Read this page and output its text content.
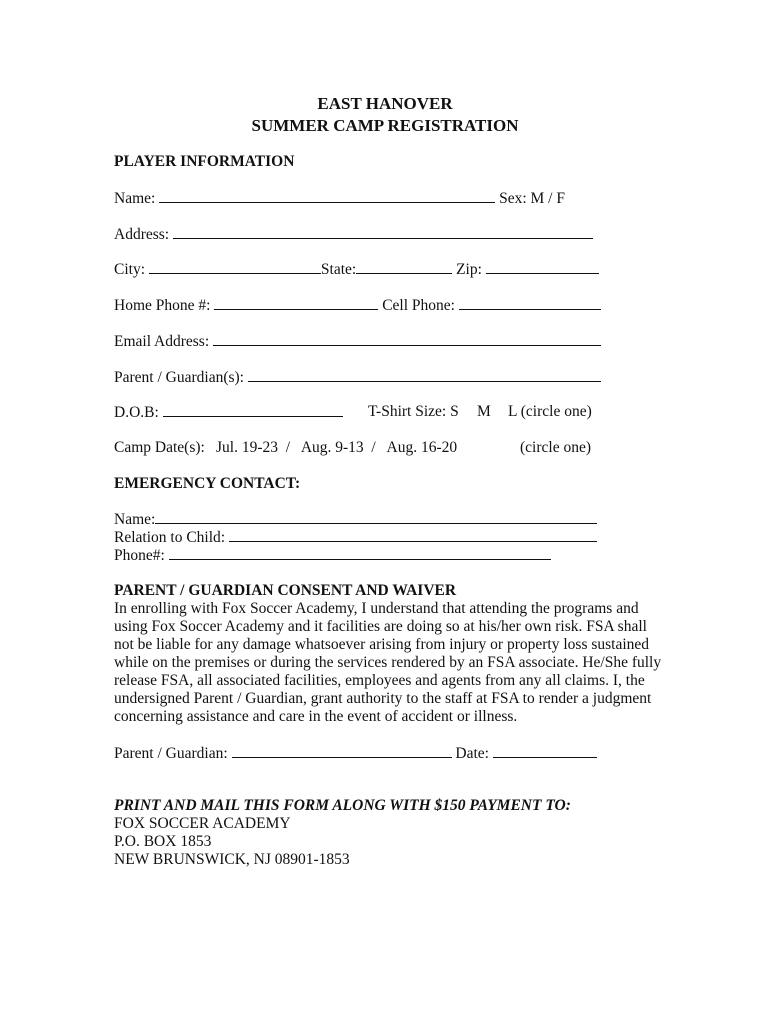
EAST HANOVER
SUMMER CAMP REGISTRATION
PLAYER INFORMATION
Name:	Sex: M / F
Address:
City:	State:	Zip:
Home Phone #:	Cell Phone:
Email Address:
Parent / Guardian(s):
D.O.B:	T-Shirt Size: S M L (circle one)
Camp Date(s): Jul. 19-23  /   Aug. 9-13  /   Aug. 16-20	(circle one)
EMERGENCY CONTACT:
Name:
Relation to Child:
Phone#:
PARENT / GUARDIAN CONSENT AND WAIVER

In enrolling with Fox Soccer Academy, I understand that attending the programs and

using Fox Soccer Academy and it facilities are doing so at his/her own risk. FSA shall

not be liable for any damage whatsoever arising from injury or property loss sustained

while on the premises or during the services rendered by an FSA associate. He/She fully

release FSA, all associated facilities, employees and agents from any all claims. I, the

undersigned Parent / Guardian, grant authority to the staff at FSA to render a judgment

concerning assistance and care in the event of accident or illness.

Parent / Guardian:	Date:
PRINT AND MAIL THIS FORM ALONG WITH $150 PAYMENT TO:
FOX SOCCER ACADEMY
P.O. BOX 1853
NEW BRUNSWICK, NJ 08901-1853
